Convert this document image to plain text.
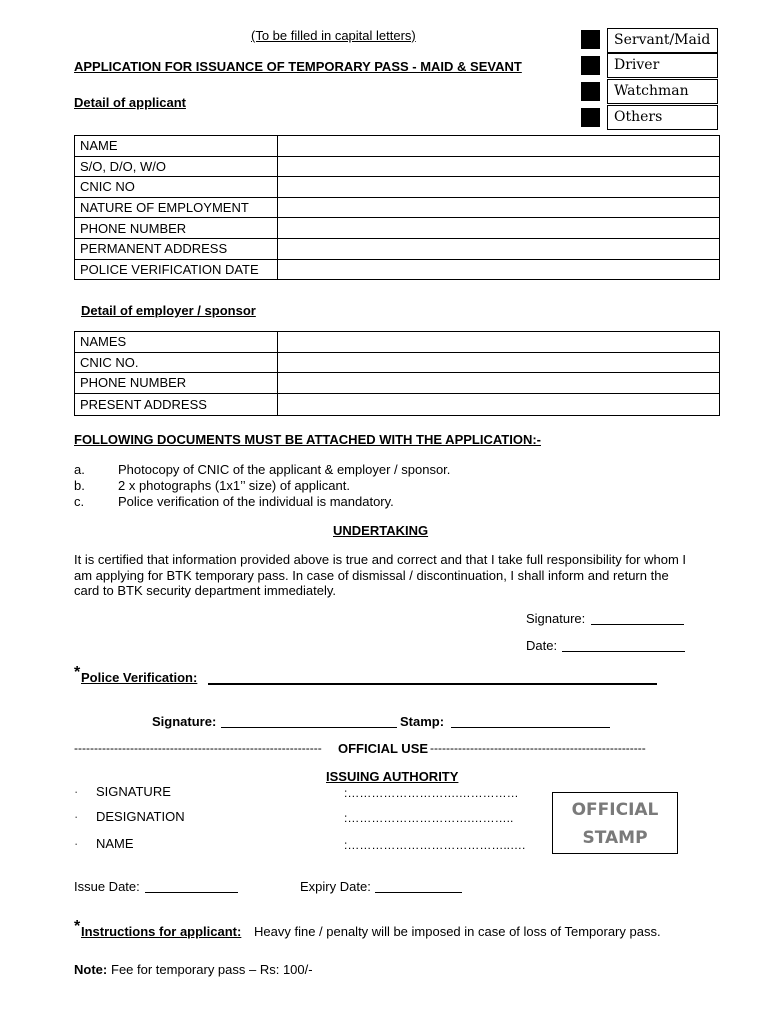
(To be filled in capital letters)
APPLICATION FOR ISSUANCE OF TEMPORARY PASS - MAID & SEVANT
Servant/Maid
Driver
Watchman
Others
Detail of applicant
NAME	
S/O, D/O, W/O	
CNIC NO	
NATURE OF EMPLOYMENT	
PHONE NUMBER	
PERMANENT ADDRESS	
POLICE VERIFICATION DATE	
Detail of employer / sponsor
NAMES	
CNIC NO.	
PHONE NUMBER	
PRESENT ADDRESS	
FOLLOWING DOCUMENTS MUST BE ATTACHED WITH THE APPLICATION:-
a.	Photocopy of CNIC of the applicant & employer / sponsor.
b.	2 x photographs (1x1’’ size) of applicant.
c.	Police verification of the individual is mandatory.
UNDERTAKING
It is certified that information provided above is true and correct and that I take full responsibility for whom I
am applying for BTK temporary pass. In case of dismissal / discontinuation, I shall inform and return the
card to BTK security department immediately.
Signature:
Date:
* Police Verification:
Signature:	Stamp:
-------------------------------------------------------------- OFFICIAL USE ------------------------------------------------------
ISSUING AUTHORITY
· SIGNATURE	:……………………….……………
· DESIGNATION	:………………………….………..
· NAME	:…………………………………..….
OFFICIAL
STAMP
Issue Date:	Expiry Date:
* Instructions for applicant: Heavy fine / penalty will be imposed in case of loss of Temporary pass.
Note: Fee for temporary pass – Rs: 100/-
